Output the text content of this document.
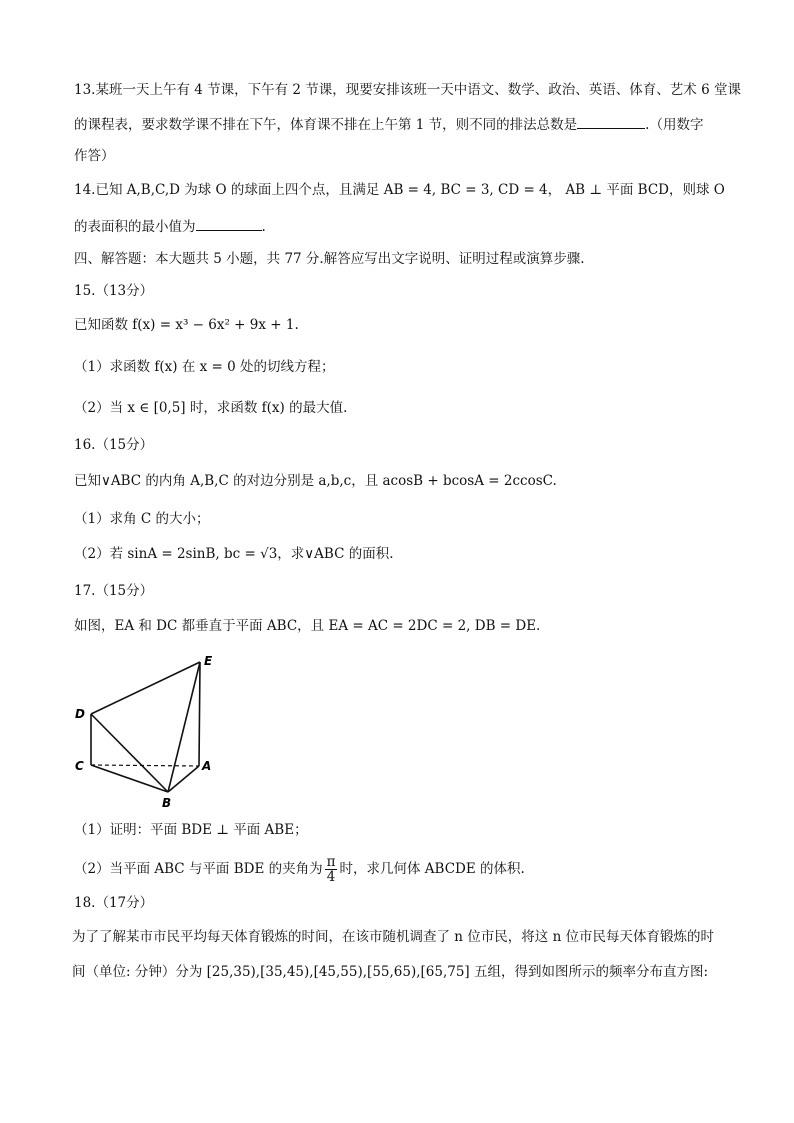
13.某班一天上午有 4 节课，下午有 2 节课，现要安排该班一天中语文、数学、政治、英语、体育、艺术 6 堂课
的课程表，要求数学课不排在下午，体育课不排在上午第 1 节，则不同的排法总数是	.（用数字
作答）
14.已知 A,B,C,D 为球 O 的球面上四个点，且满足 AB = 4, BC = 3, CD = 4， AB ⊥ 平面 BCD，则球 O
的表面积的最小值为	.
四、解答题：本大题共 5 小题，共 77 分.解答应写出文字说明、证明过程或演算步骤.
15.（13分）
已知函数 f(x) = x³ − 6x² + 9x + 1.
（1）求函数 f(x) 在 x = 0 处的切线方程；
（2）当 x ∈ [0,5] 时，求函数 f(x) 的最大值.
16.（15分）
已知∨ABC 的内角 A,B,C 的对边分别是 a,b,c，且 acosB + bcosA = 2ccosC.
（1）求角 C 的大小；
（2）若 sinA = 2sinB, bc = √3，求∨ABC 的面积.
17.（15分）
如图，EA 和 DC 都垂直于平面 ABC，且 EA = AC = 2DC = 2, DB = DE.
E
D
C	A
B
（1）证明：平面 BDE ⊥ 平面 ABE；
（2）当平面 ABC 与平面 BDE 的夹角为 $\frac{\pi}{4}$ 时，求几何体 ABCDE 的体积.
18.（17分）
为了了解某市市民平均每天体育锻炼的时间，在该市随机调查了 n 位市民，将这 n 位市民每天体育锻炼的时
间（单位: 分钟）分为 [25,35),[35,45),[45,55),[55,65),[65,75] 五组，得到如图所示的频率分布直方图:
